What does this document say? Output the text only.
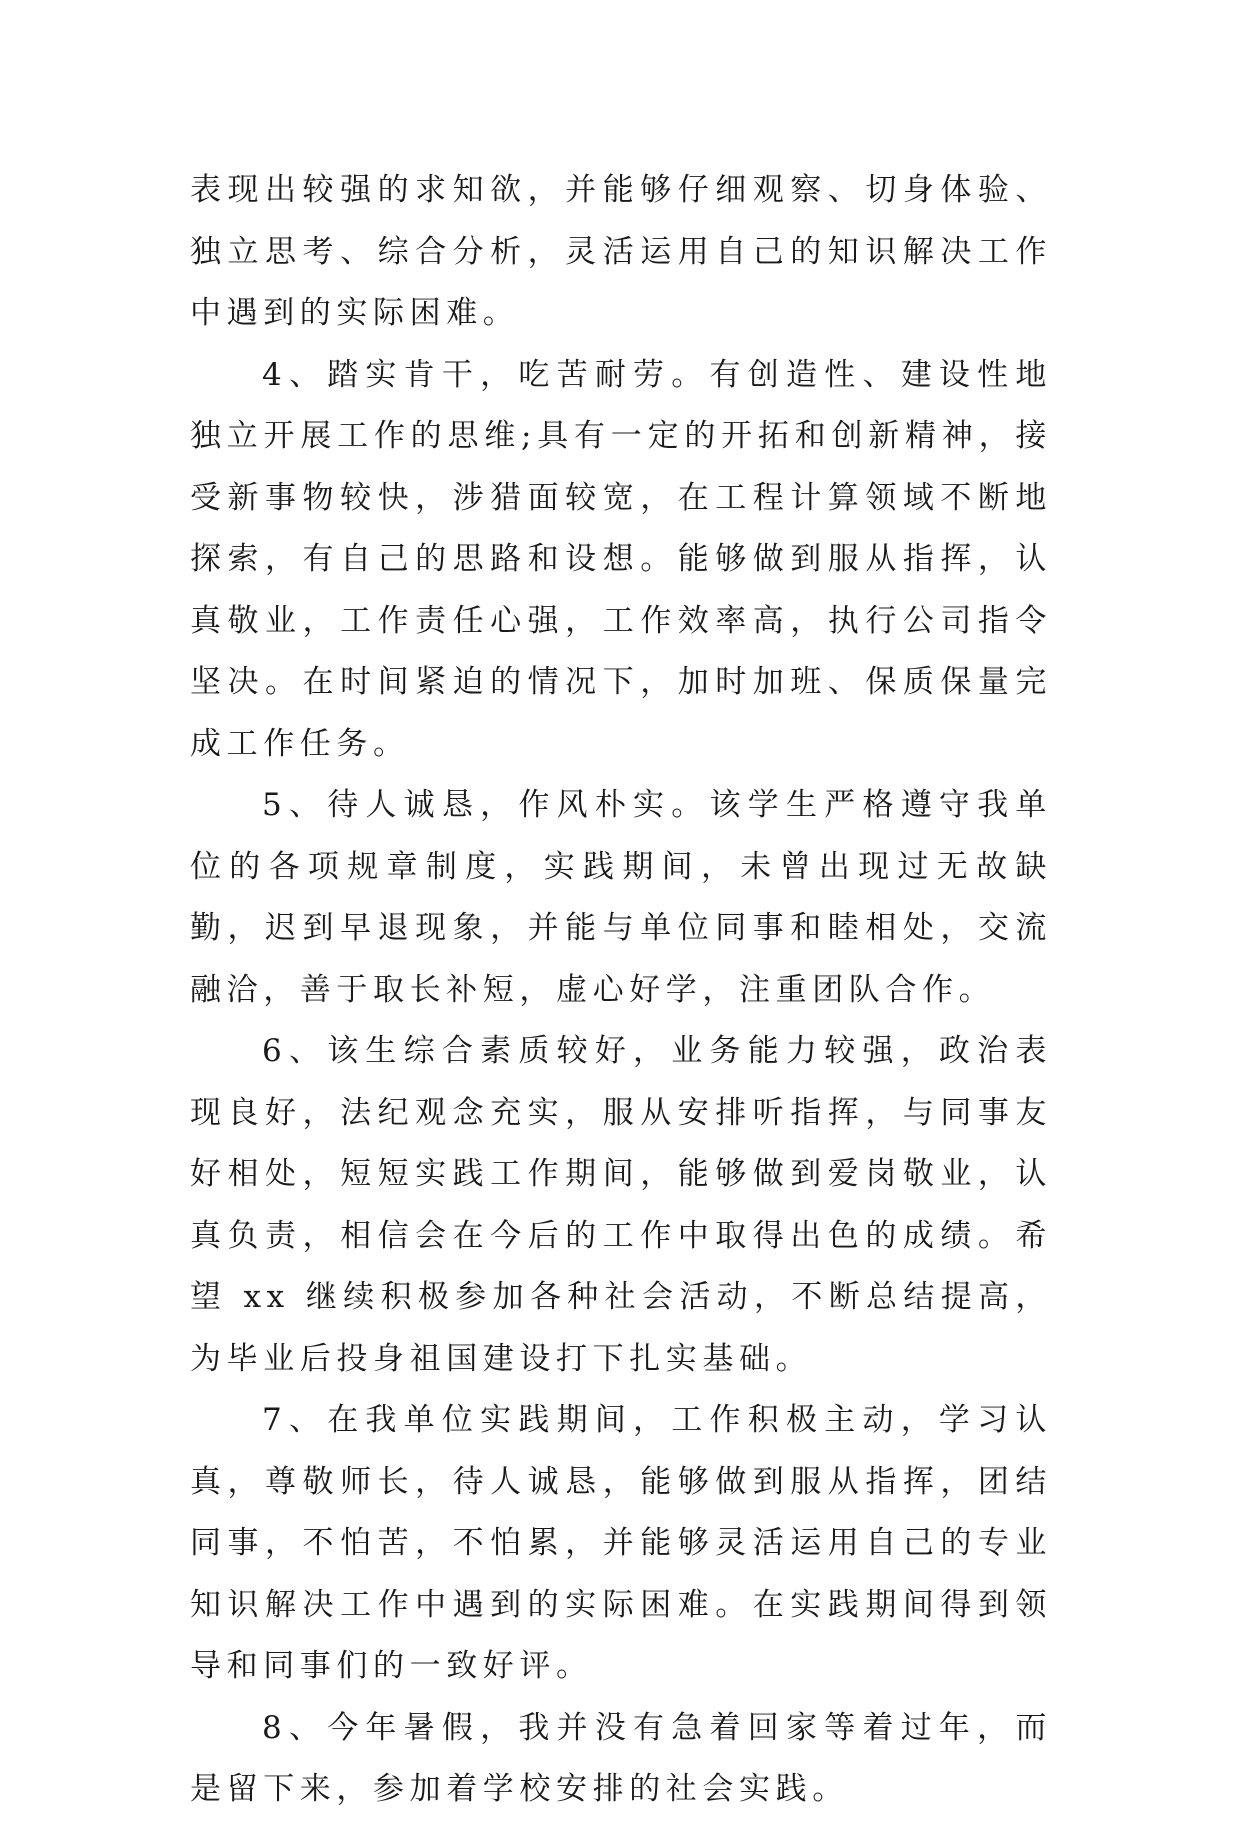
表现出较强的求知欲，并能够仔细观察、切身体验、独立思考、综合分析，灵活运用自己的知识解决工作中遇到的实际困难。

4、踏实肯干，吃苦耐劳。有创造性、建设性地独立开展工作的思维;具有一定的开拓和创新精神，接受新事物较快，涉猎面较宽，在工程计算领域不断地探索，有自己的思路和设想。能够做到服从指挥，认真敬业，工作责任心强，工作效率高，执行公司指令坚决。在时间紧迫的情况下，加时加班、保质保量完成工作任务。

5、待人诚恳，作风朴实。该学生严格遵守我单位的各项规章制度，实践期间，未曾出现过无故缺勤，迟到早退现象，并能与单位同事和睦相处，交流融洽，善于取长补短，虚心好学，注重团队合作。

6、该生综合素质较好，业务能力较强，政治表现良好，法纪观念充实，服从安排听指挥，与同事友好相处，短短实践工作期间，能够做到爱岗敬业，认真负责，相信会在今后的工作中取得出色的成绩。希望 xx 继续积极参加各种社会活动，不断总结提高，为毕业后投身祖国建设打下扎实基础。

7、在我单位实践期间，工作积极主动，学习认真，尊敬师长，待人诚恳，能够做到服从指挥，团结同事，不怕苦，不怕累，并能够灵活运用自己的专业知识解决工作中遇到的实际困难。在实践期间得到领导和同事们的一致好评。

8、今年暑假，我并没有急着回家等着过年，而是留下来，参加着学校安排的社会实践。
